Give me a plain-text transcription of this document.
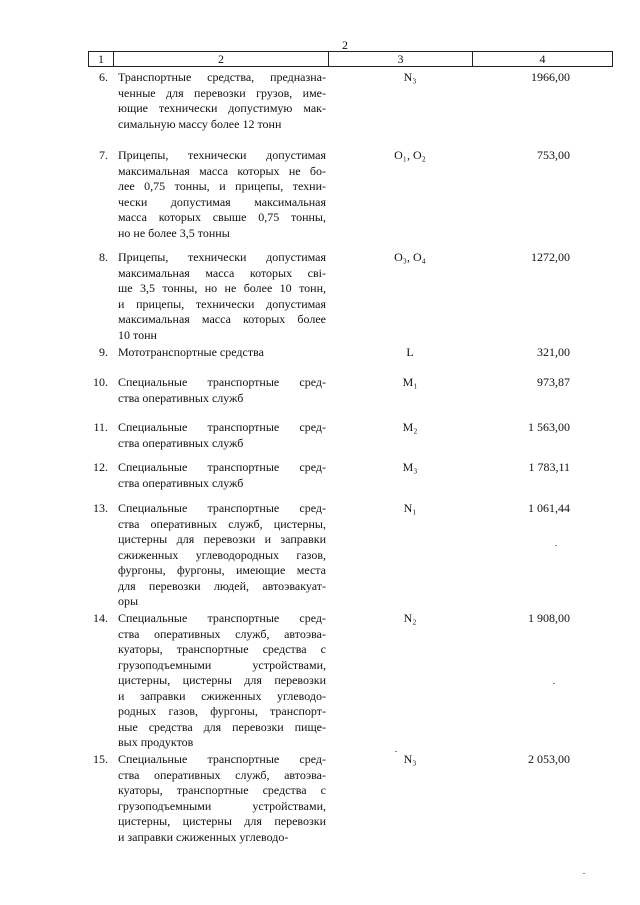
2
1	2	3	4
6. Транспортные средства, предназна-
ченные для перевозки грузов, име-
ющие технически допустимую мак-
симальную массу более 12 тонн
N₃	1966,00
7. Прицепы, технически допустимая
максимальная масса которых не бо-
лее 0,75 тонны, и прицепы, техни-
чески допустимая максимальная
масса которых свыше 0,75 тонны,
но не более 3,5 тонны
O₁, O₂	753,00
8. Прицепы, технически допустимая
максимальная масса которых сві-
ше 3,5 тонны, но не более 10 тонн,
и прицепы, технически допустимая
максимальная масса которых более
10 тонн
O₃, O₄	1272,00
9. Мототранспортные средства	L	321,00
10. Специальные транспортные сред-
ства оперативных служб
M₁	973,87
11. Специальные транспортные сред-
ства оперативных служб
M₂	1 563,00
12. Специальные транспортные сред-
ства оперативных служб
M₃	1 783,11
13. Специальные транспортные сред-
ства оперативных служб, цистерны,
цистерны для перевозки и заправки
сжиженных углеводородных газов,
фургоны, фургоны, имеющие места
для перевозки людей, автоэвакуат-
оры
N₁	1 061,44
14. Специальные транспортные сред-
ства оперативных служб, автоэва-
куаторы, транспортные средства с
грузоподъемными устройствами,
цистерны, цистерны для перевозки
и заправки сжиженных углеводо-
родных газов, фургоны, транспорт-
ные средства для перевозки пище-
вых продуктов
N₂	1 908,00
15. Специальные транспортные сред-
ства оперативных служб, автоэва-
куаторы, транспортные средства с
грузоподъемными устройствами,
цистерны, цистерны для перевозки
и заправки сжиженных углеводо-
N₃	2 053,00
